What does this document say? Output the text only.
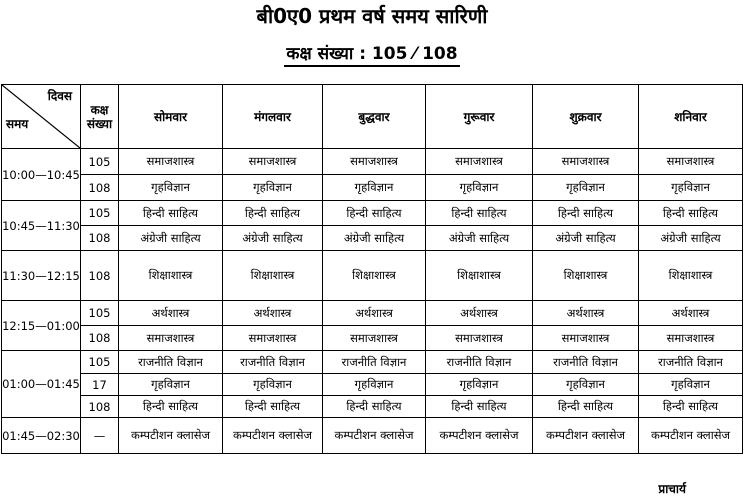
बी0ए0 प्रथम वर्ष समय सारिणी
कक्ष संख्या : 105 ⁄ 108
दिवस
समय	कक्ष संख्या	सोमवार	मंगलवार	बुद्धवार	गुरूवार	शुक्रवार	शनिवार
10:00—10:45	105	समाजशास्त्र	समाजशास्त्र	समाजशास्त्र	समाजशास्त्र	समाजशास्त्र	समाजशास्त्र
	108	गृहविज्ञान	गृहविज्ञान	गृहविज्ञान	गृहविज्ञान	गृहविज्ञान	गृहविज्ञान
10:45—11:30	105	हिन्दी साहित्य	हिन्दी साहित्य	हिन्दी साहित्य	हिन्दी साहित्य	हिन्दी साहित्य	हिन्दी साहित्य
	108	अंग्रेजी साहित्य	अंग्रेजी साहित्य	अंग्रेजी साहित्य	अंग्रेजी साहित्य	अंग्रेजी साहित्य	अंग्रेजी साहित्य
11:30—12:15	108	शिक्षाशास्त्र	शिक्षाशास्त्र	शिक्षाशास्त्र	शिक्षाशास्त्र	शिक्षाशास्त्र	शिक्षाशास्त्र
12:15—01:00	105	अर्थशास्त्र	अर्थशास्त्र	अर्थशास्त्र	अर्थशास्त्र	अर्थशास्त्र	अर्थशास्त्र
	108	समाजशास्त्र	समाजशास्त्र	समाजशास्त्र	समाजशास्त्र	समाजशास्त्र	समाजशास्त्र
01:00—01:45	105	राजनीति विज्ञान	राजनीति विज्ञान	राजनीति विज्ञान	राजनीति विज्ञान	राजनीति विज्ञान	राजनीति विज्ञान
	17	गृहविज्ञान	गृहविज्ञान	गृहविज्ञान	गृहविज्ञान	गृहविज्ञान	गृहविज्ञान
	108	हिन्दी साहित्य	हिन्दी साहित्य	हिन्दी साहित्य	हिन्दी साहित्य	हिन्दी साहित्य	हिन्दी साहित्य
01:45—02:30	—	कम्पटीशन क्लासेज	कम्पटीशन क्लासेज	कम्पटीशन क्लासेज	कम्पटीशन क्लासेज	कम्पटीशन क्लासेज	कम्पटीशन क्लासेज
प्राचार्य
